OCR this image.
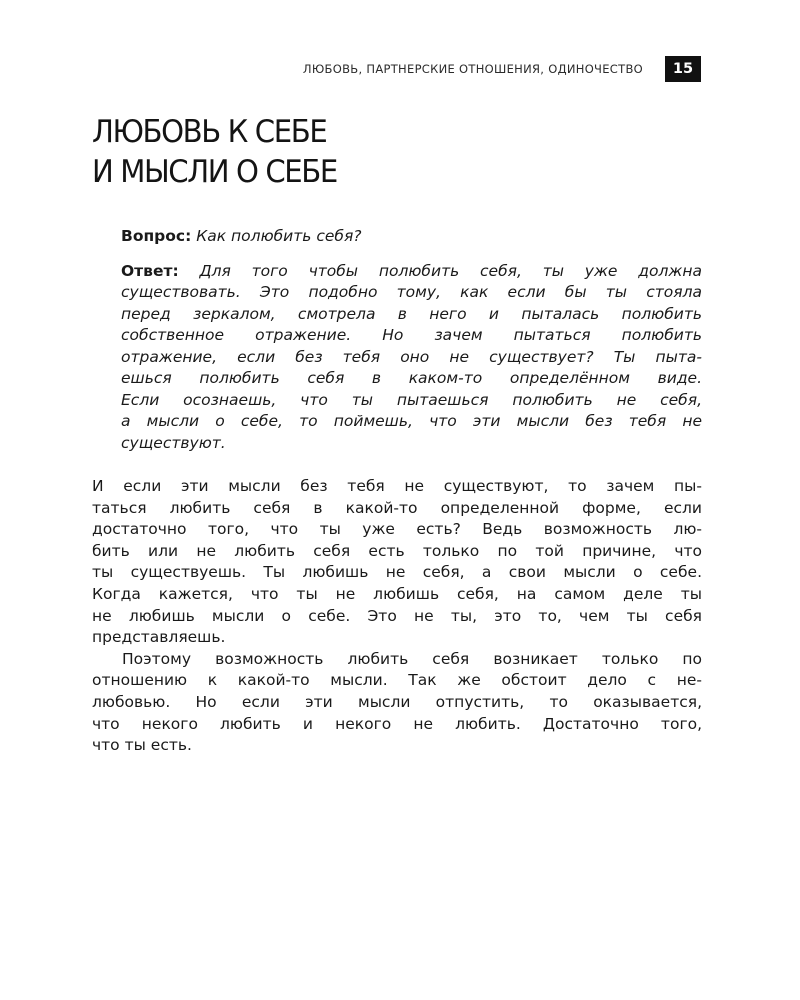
ЛЮБОВЬ, ПАРТНЕРСКИЕ ОТНОШЕНИЯ, ОДИНОЧЕСТВО	15
ЛЮБОВЬ К СЕБЕ
И МЫСЛИ О СЕБЕ

Вопрос: Как полюбить себя?

Ответ: Для того чтобы полюбить себя, ты уже должна
существовать. Это подобно тому, как если бы ты стояла
перед зеркалом, смотрела в него и пыталась полюбить
собственное отражение. Но зачем пытаться полюбить
отражение, если без тебя оно не существует? Ты пыта-
ешься полюбить себя в каком-то определённом виде.
Если осознаешь, что ты пытаешься полюбить не себя,
а мысли о себе, то поймешь, что эти мысли без тебя не
существуют.

И если эти мысли без тебя не существуют, то зачем пы-
таться любить себя в какой-то определенной форме, если
достаточно того, что ты уже есть? Ведь возможность лю-
бить или не любить себя есть только по той причине, что
ты существуешь. Ты любишь не себя, а свои мысли о себе.
Когда кажется, что ты не любишь себя, на самом деле ты
не любишь мысли о себе. Это не ты, это то, чем ты себя
представляешь.

Поэтому возможность любить себя возникает только по
отношению к какой-то мысли. Так же обстоит дело с не-
любовью. Но если эти мысли отпустить, то оказывается,
что некого любить и некого не любить. Достаточно того,
что ты есть.
